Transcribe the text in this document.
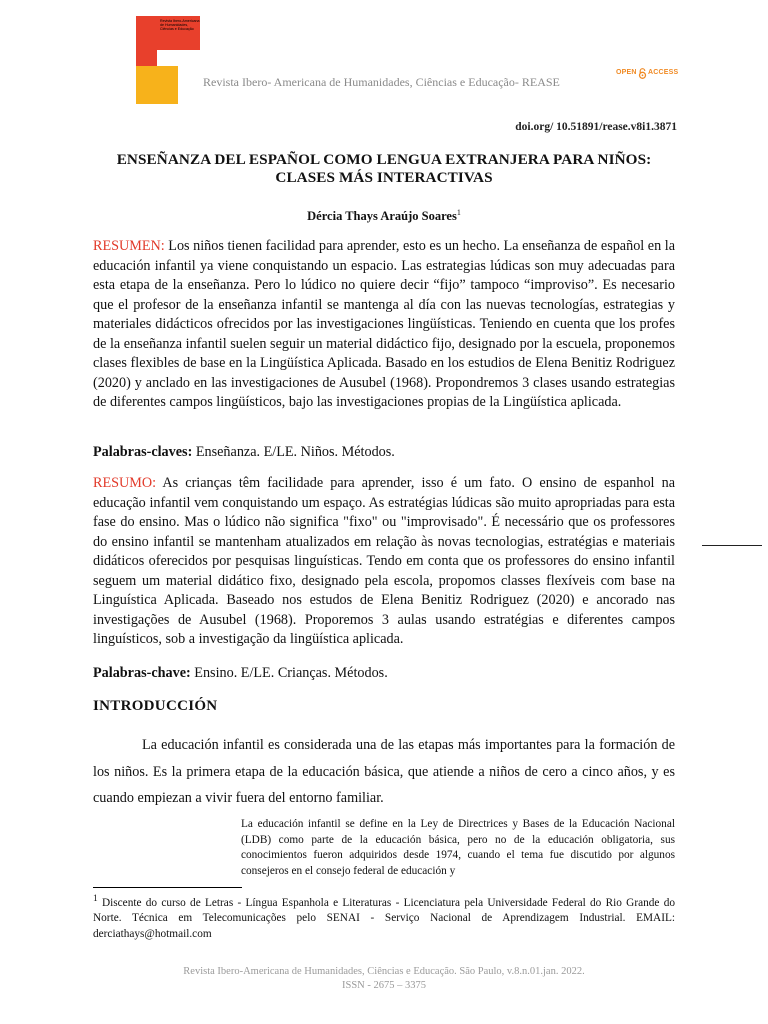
Revista Ibero-Americana de Humanidades, Ciências e Educação
Revista Ibero- Americana de Humanidades, Ciências e Educação- REASE
OPEN ACCESS
doi.org/ 10.51891/rease.v8i1.3871
ENSEÑANZA DEL ESPAÑOL COMO LENGUA EXTRANJERA PARA NIÑOS:
CLASES MÁS INTERACTIVAS
Dércia Thays Araújo Soares$^1$
RESUMEN: Los niños tienen facilidad para aprender, esto es un hecho. La enseñanza de español en la educación infantil ya viene conquistando un espacio. Las estrategias lúdicas son muy adecuadas para esta etapa de la enseñanza. Pero lo lúdico no quiere decir “fijo” tampoco “improviso”. Es necesario que el profesor de la enseñanza infantil se mantenga al día con las nuevas tecnologías, estrategias y materiales didácticos ofrecidos por las investigaciones lingüísticas. Teniendo en cuenta que los profes de la enseñanza infantil suelen seguir un material didáctico fijo, designado por la escuela, proponemos clases flexibles de base en la Lingüística Aplicada. Basado en los estudios de Elena Benitiz Rodriguez (2020) y anclado en las investigaciones de Ausubel (1968). Propondremos 3 clases usando estrategias de diferentes campos lingüísticos, bajo las investigaciones propias de la Lingüística aplicada.
Palabras-claves: Enseñanza. E/LE. Niños. Métodos.
RESUMO: As crianças têm facilidade para aprender, isso é um fato. O ensino de espanhol na educação infantil vem conquistando um espaço. As estratégias lúdicas são muito apropriadas para esta fase do ensino. Mas o lúdico não significa "fixo" ou "improvisado". É necessário que os professores do ensino infantil se mantenham atualizados em relação às novas tecnologias, estratégias e materiais didáticos oferecidos por pesquisas linguísticas. Tendo em conta que os professores do ensino infantil seguem um material didático fixo, designado pela escola, propomos classes flexíveis com base na Linguística Aplicada. Baseado nos estudos de Elena Benitiz Rodriguez (2020) e ancorado nas investigações de Ausubel (1968). Proporemos 3 aulas usando estratégias e diferentes campos linguísticos, sob a investigação da lingüística aplicada.
Palabras-chave: Ensino. E/LE. Crianças. Métodos.
INTRODUCCIÓN
La educación infantil es considerada una de las etapas más importantes para la formación de los niños. Es la primera etapa de la educación básica, que atiende a niños de cero a cinco años, y es cuando empiezan a vivir fuera del entorno familiar.
La educación infantil se define en la Ley de Directrices y Bases de la Educación Nacional (LDB) como parte de la educación básica, pero no de la educación obligatoria, sus conocimientos fueron adquiridos desde 1974, cuando el tema fue discutido por algunos consejeros en el consejo federal de educación y
$^1$ Discente do curso de Letras - Língua Espanhola e Literaturas - Licenciatura pela Universidade Federal do Rio Grande do Norte. Técnica em Telecomunicações pelo SENAI - Serviço Nacional de Aprendizagem Industrial. EMAIL: derciathays@hotmail.com
Revista Ibero-Americana de Humanidades, Ciências e Educação. São Paulo, v.8.n.01.jan. 2022.
ISSN - 2675 – 3375
